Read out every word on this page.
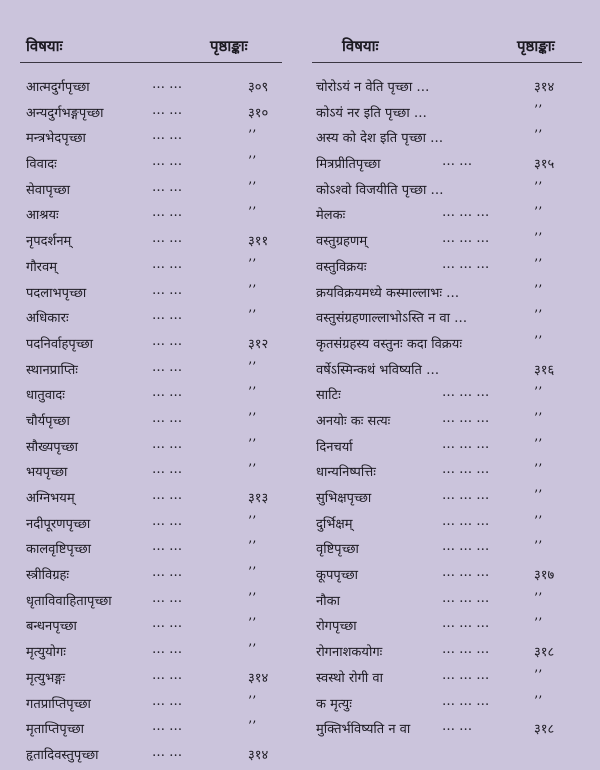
विषयाः	पृष्ठाङ्काः	विषयाः	पृष्ठाङ्काः
आत्मदुर्गपृच्छा	… …	३०९
अन्यदुर्गभङ्गपृच्छा	… …	३१०
मन्त्रभेदपृच्छा	… …	’’
विवादः	… …	’’
सेवापृच्छा	… …	’’
आश्रयः	… …	’’
नृपदर्शनम्	… …	३११
गौरवम्	… …	’’
पदलाभपृच्छा	… …	’’
अधिकारः	… …	’’
पदनिर्वाहपृच्छा	… …	३१२
स्थानप्राप्तिः	… …	’’
धातुवादः	… …	’’
चौर्यपृच्छा	… …	’’
सौख्यपृच्छा	… …	’’
भयपृच्छा	… …	’’
अग्निभयम्	… …	३१३
नदीपूरणपृच्छा	… …	’’
कालवृष्टिपृच्छा	… …	’’
स्त्रीविग्रहः	… …	’’
धृताविवाहितापृच्छा	… …	’’
बन्धनपृच्छा	… …	’’
मृत्युयोगः	… …	’’
मृत्युभङ्गः	… …	३१४
गतप्राप्तिपृच्छा	… …	’’
मृताप्तिपृच्छा	… …	’’
हृतादिवस्तुपृच्छा	… …	३१४
चोरोऽयं न वेति पृच्छा …	३१४
कोऽयं नर इति पृच्छा …	’’
अस्य को देश इति पृच्छा …	’’
मित्रप्रीतिपृच्छा	… …	३१५
कोऽश्वो विजयीति पृच्छा …	’’
मेलकः	… … …	’’
वस्तुग्रहणम्	… … …	’’
वस्तुविक्रयः	… … …	’’
क्रयविक्रयमध्ये कस्माल्लाभः …	’’
वस्तुसंग्रहणाल्लाभोऽस्ति न वा …	’’
कृतसंग्रहस्य वस्तुनः कदा विक्रयः	’’
वर्षेऽस्मिन्कथं भविष्यति …	३१६
साटिः	… … …	’’
अनयोः कः सत्यः	… … …	’’
दिनचर्या	… … …	’’
धान्यनिष्पत्तिः	… … …	’’
सुभिक्षपृच्छा	… … …	’’
दुर्भिक्षम्	… … …	’’
वृष्टिपृच्छा	… … …	’’
कूपपृच्छा	… … …	३१७
नौका	… … …	’’
रोगपृच्छा	… … …	’’
रोगनाशकयोगः	… … …	३१८
स्वस्थो रोगी वा	… … …	’’
क मृत्युः	… … …	’’
मुक्तिर्भविष्यति न वा … …	३१८
